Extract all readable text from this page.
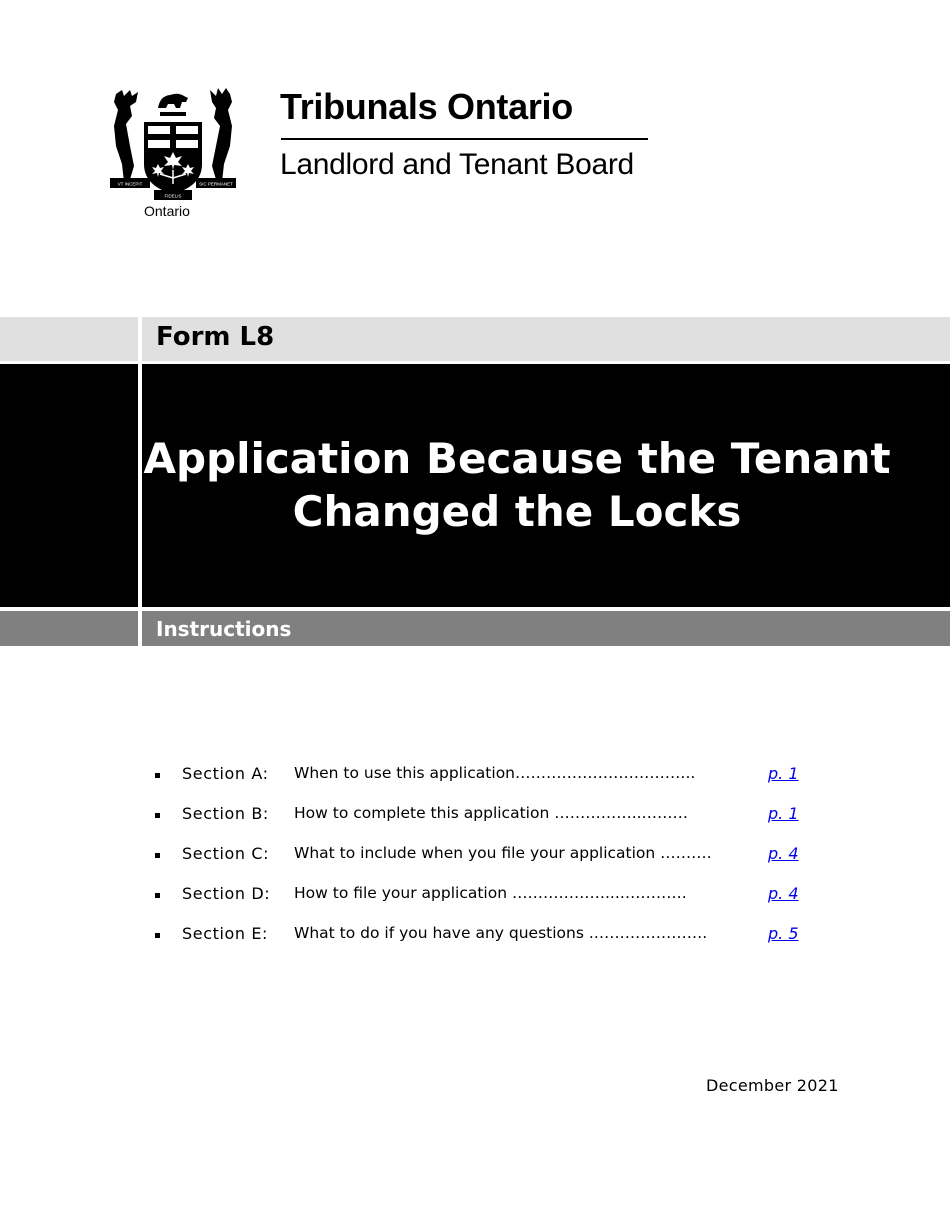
VT INCEPIT
FIDELIS
SIC PERMANET
Ontario
Tribunals Ontario
Landlord and Tenant Board
Form L8
Application Because the Tenant Changed the Locks
Instructions
Section A: When to use this application……………………………..	p. 1
Section B: How to complete this application ……………..………	p. 1
Section C: What to include when you file your application ……….	p. 4
Section D: How to file your application ………………...………….	p. 4
Section E: What to do if you have any questions .………………….	p. 5
December 2021
